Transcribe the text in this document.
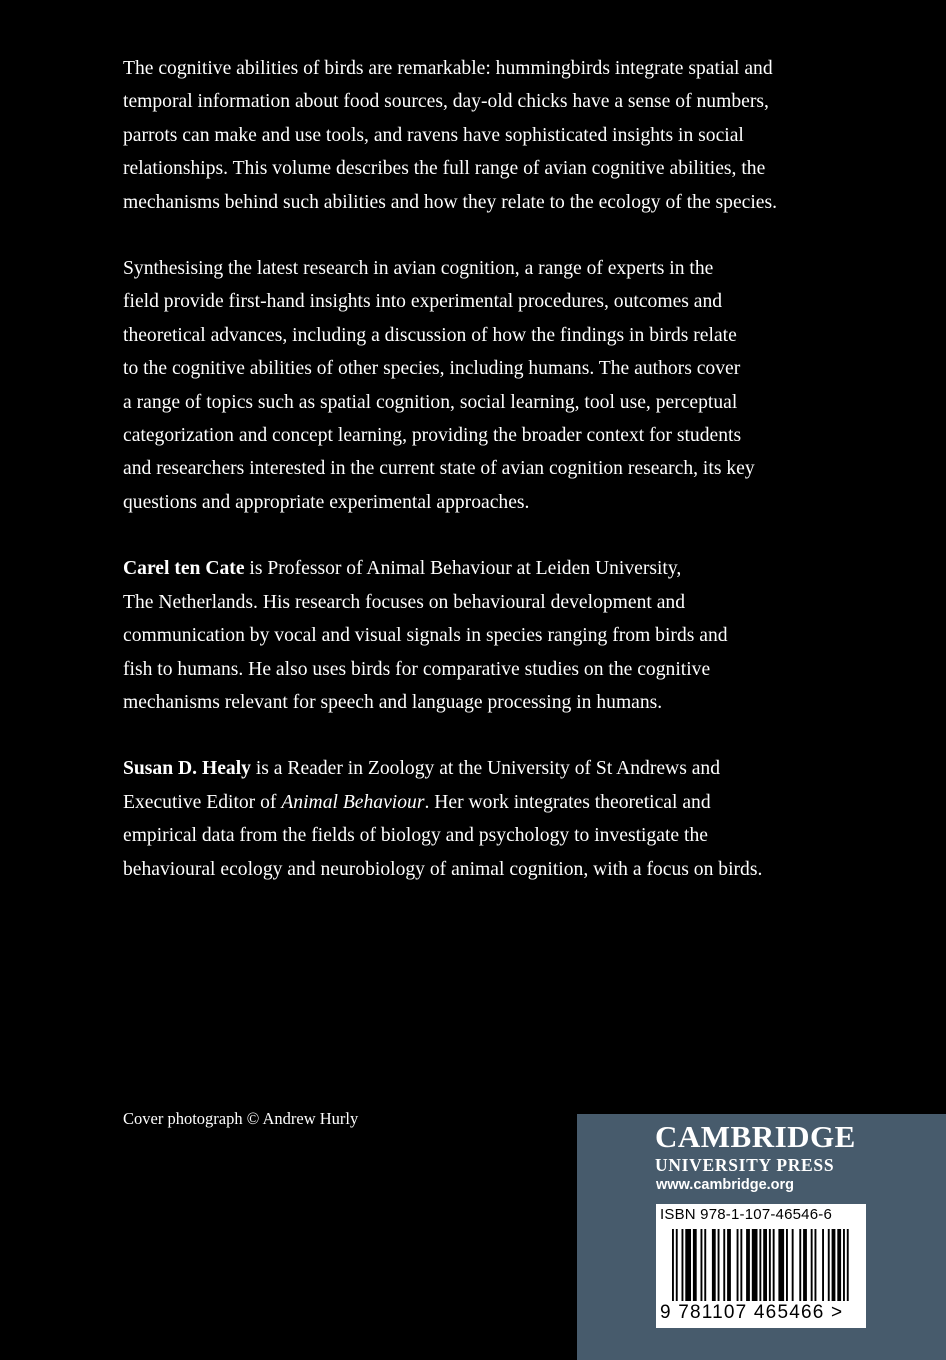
The cognitive abilities of birds are remarkable: hummingbirds integrate spatial and
temporal information about food sources, day-old chicks have a sense of numbers,
parrots can make and use tools, and ravens have sophisticated insights in social
relationships. This volume describes the full range of avian cognitive abilities, the
mechanisms behind such abilities and how they relate to the ecology of the species.

Synthesising the latest research in avian cognition, a range of experts in the
field provide first-hand insights into experimental procedures, outcomes and
theoretical advances, including a discussion of how the findings in birds relate
to the cognitive abilities of other species, including humans. The authors cover
a range of topics such as spatial cognition, social learning, tool use, perceptual
categorization and concept learning, providing the broader context for students
and researchers interested in the current state of avian cognition research, its key
questions and appropriate experimental approaches.

Carel ten Cate is Professor of Animal Behaviour at Leiden University,
The Netherlands. His research focuses on behavioural development and
communication by vocal and visual signals in species ranging from birds and
fish to humans. He also uses birds for comparative studies on the cognitive
mechanisms relevant for speech and language processing in humans.

Susan D. Healy is a Reader in Zoology at the University of St Andrews and
Executive Editor of Animal Behaviour. Her work integrates theoretical and
empirical data from the fields of biology and psychology to investigate the
behavioural ecology and neurobiology of animal cognition, with a focus on birds.

Cover photograph © Andrew Hurly
CAMBRIDGE
UNIVERSITY PRESS
www.cambridge.org
ISBN 978-1-107-46546-6
9 781107 465466 >
